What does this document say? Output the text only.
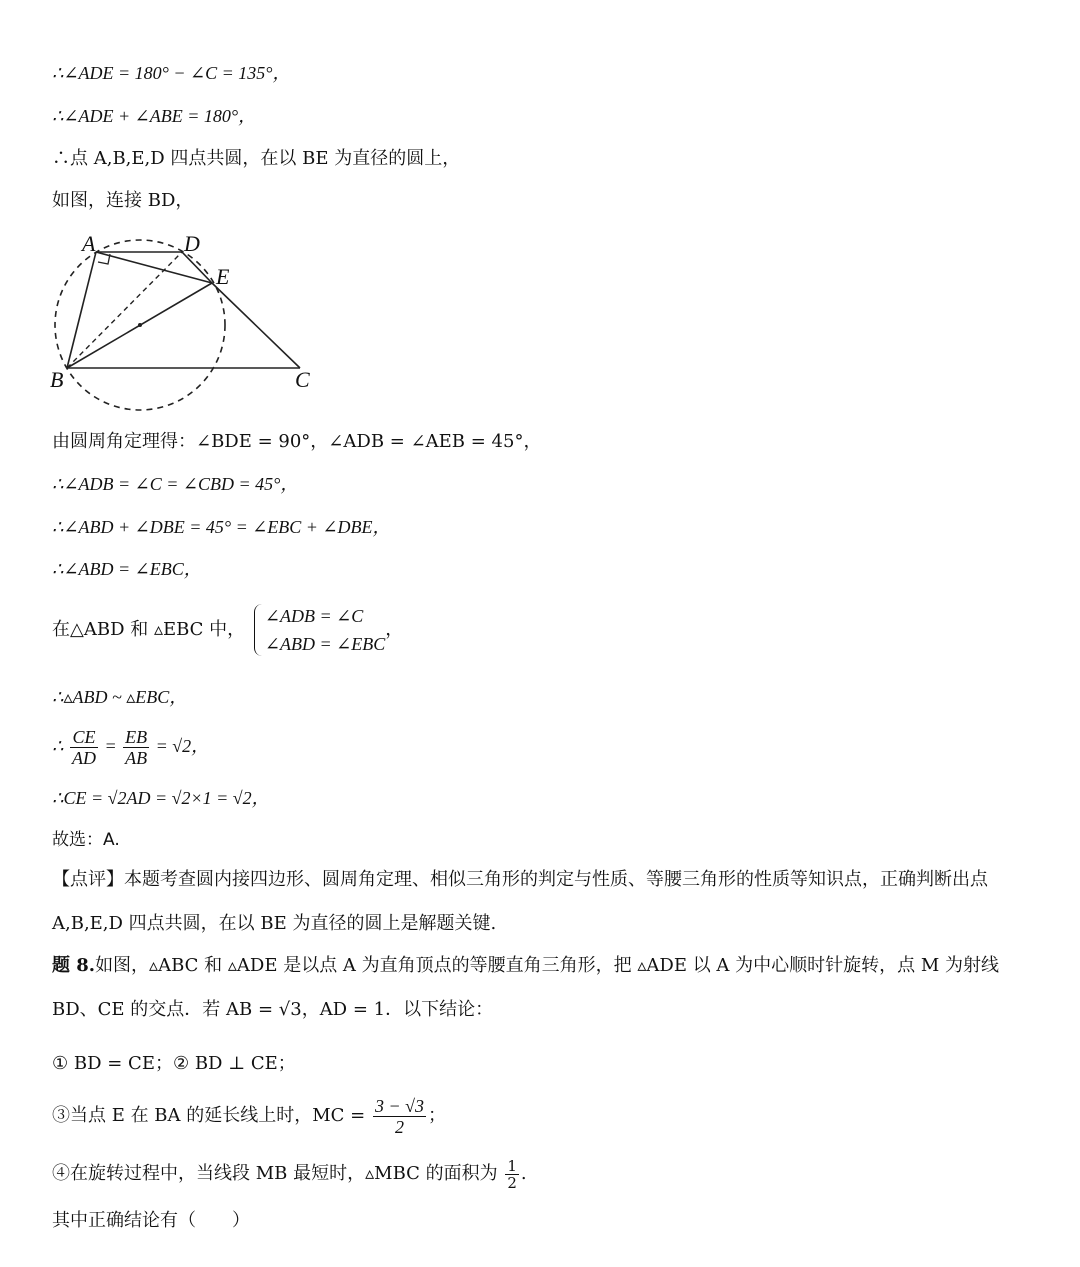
∴∠ADE = 180° − ∠C = 135°，
∴∠ADE + ∠ABE = 180°，
∴点 A,B,E,D 四点共圆，在以 BE 为直径的圆上，
如图，连接 BD，
A	D
E
B	C
由圆周角定理得：∠BDE = 90°，∠ADB = ∠AEB = 45°，
∴∠ADB = ∠C = ∠CBD = 45°，
∴∠ABD + ∠DBE = 45° = ∠EBC + ∠DBE，
∴∠ABD = ∠EBC，
在△ABD 和 ▵EBC 中，
∠ADB = ∠C
∠ABD = ∠EBC
，
∴▵ABD ~ ▵EBC，
∴ $\frac{CE}{AD} = \frac{EB}{AB} = √2$，
∴CE = √2AD = √2×1 = √2，
故选：A.
【点评】本题考查圆内接四边形、圆周角定理、相似三角形的判定与性质、等腰三角形的性质等知识点，正确判断出点 A,B,E,D 四点共圆，在以 BE 为直径的圆上是解题关键.
题 8.如图，▵ABC 和 ▵ADE 是以点 A 为直角顶点的等腰直角三角形，把 ▵ADE 以 A 为中心顺时针旋转，点 M 为射线 BD、CE 的交点．若 AB = √3，AD = 1．以下结论：
① BD = CE；② BD ⊥ CE；
③当点 E 在 BA 的延长线上时，MC = $\frac{3 - √3}{2}$ ；
④在旋转过程中，当线段 MB 最短时，▵MBC 的面积为 $\frac{1}{2}$ .
其中正确结论有（　　）
